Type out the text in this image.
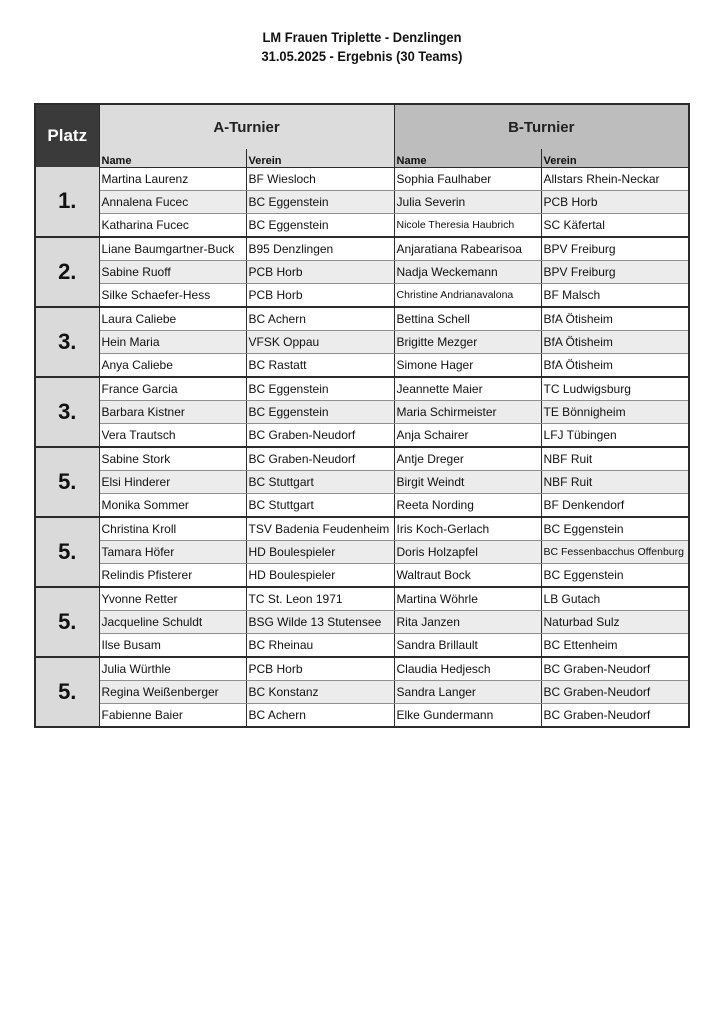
LM Frauen Triplette - Denzlingen
31.05.2025 - Ergebnis (30 Teams)
Platz	A-Turnier		B-Turnier	
	Name	Verein	Name	Verein
1.	Martina Laurenz	BF Wiesloch	Sophia Faulhaber	Allstars Rhein-Neckar
	Annalena Fucec	BC Eggenstein	Julia Severin	PCB Horb
	Katharina Fucec	BC Eggenstein	Nicole Theresia Haubrich	SC Käfertal
2.	Liane Baumgartner-Buck	B95 Denzlingen	Anjaratiana Rabearisoa	BPV Freiburg
	Sabine Ruoff	PCB Horb	Nadja Weckemann	BPV Freiburg
	Silke Schaefer-Hess	PCB Horb	Christine Andrianavalona	BF Malsch
3.	Laura Caliebe	BC Achern	Bettina Schell	BfA Ötisheim
	Hein Maria	VFSK Oppau	Brigitte Mezger	BfA Ötisheim
	Anya Caliebe	BC Rastatt	Simone Hager	BfA Ötisheim
3.	France Garcia	BC Eggenstein	Jeannette Maier	TC Ludwigsburg
	Barbara Kistner	BC Eggenstein	Maria Schirmeister	TE Bönnigheim
	Vera Trautsch	BC Graben-Neudorf	Anja Schairer	LFJ Tübingen
5.	Sabine Stork	BC Graben-Neudorf	Antje Dreger	NBF Ruit
	Elsi Hinderer	BC Stuttgart	Birgit Weindt	NBF Ruit
	Monika Sommer	BC Stuttgart	Reeta Nording	BF Denkendorf
5.	Christina Kroll	TSV Badenia Feudenheim	Iris Koch-Gerlach	BC Eggenstein
	Tamara Höfer	HD Boulespieler	Doris Holzapfel	BC Fessenbacchus Offenburg
	Relindis Pfisterer	HD Boulespieler	Waltraut Bock	BC Eggenstein
5.	Yvonne Retter	TC St. Leon 1971	Martina Wöhrle	LB Gutach
	Jacqueline Schuldt	BSG Wilde 13 Stutensee	Rita Janzen	Naturbad Sulz
	Ilse Busam	BC Rheinau	Sandra Brillault	BC Ettenheim
5.	Julia Würthle	PCB Horb	Claudia Hedjesch	BC Graben-Neudorf
	Regina Weißenberger	BC Konstanz	Sandra Langer	BC Graben-Neudorf
	Fabienne Baier	BC Achern	Elke Gundermann	BC Graben-Neudorf
